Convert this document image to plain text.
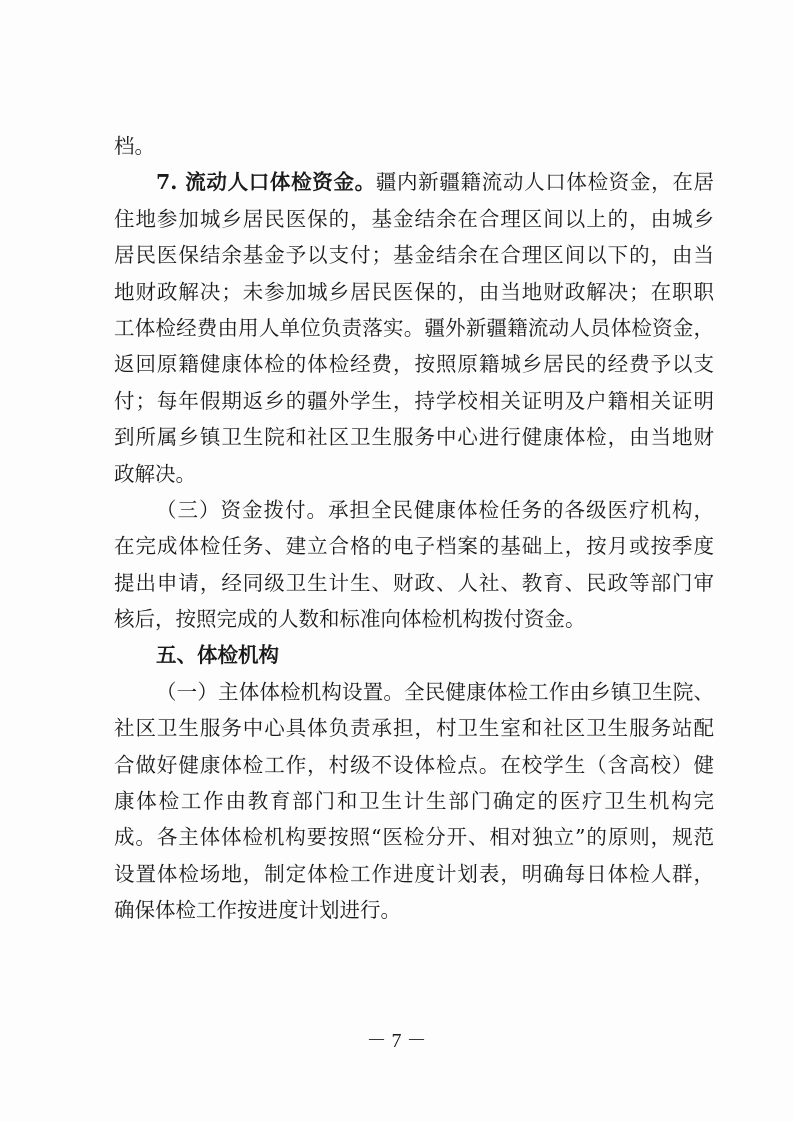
档。
7. 流动人口体检资金。疆内新疆籍流动人口体检资金，在居
住地参加城乡居民医保的，基金结余在合理区间以上的，由城乡
居民医保结余基金予以支付；基金结余在合理区间以下的，由当
地财政解决；未参加城乡居民医保的，由当地财政解决；在职职
工体检经费由用人单位负责落实。疆外新疆籍流动人员体检资金，
返回原籍健康体检的体检经费，按照原籍城乡居民的经费予以支
付；每年假期返乡的疆外学生，持学校相关证明及户籍相关证明
到所属乡镇卫生院和社区卫生服务中心进行健康体检，由当地财
政解决。
（三）资金拨付。承担全民健康体检任务的各级医疗机构，
在完成体检任务、建立合格的电子档案的基础上，按月或按季度
提出申请，经同级卫生计生、财政、人社、教育、民政等部门审
核后，按照完成的人数和标准向体检机构拨付资金。
五、体检机构
（一）主体体检机构设置。全民健康体检工作由乡镇卫生院、
社区卫生服务中心具体负责承担，村卫生室和社区卫生服务站配
合做好健康体检工作，村级不设体检点。在校学生（含高校）健
康体检工作由教育部门和卫生计生部门确定的医疗卫生机构完
成。各主体体检机构要按照“医检分开、相对独立”的原则，规范
设置体检场地，制定体检工作进度计划表，明确每日体检人群，
确保体检工作按进度计划进行。
－ 7 －
